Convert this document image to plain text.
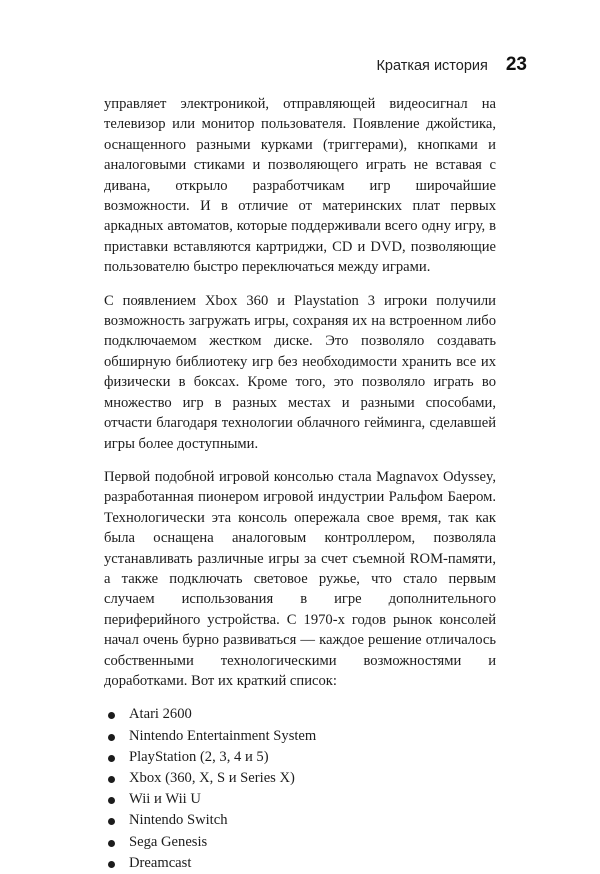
Краткая история 23

управляет электроникой, отправляющей видеосигнал на телевизор или монитор пользователя. Появление джойстика, оснащенного разными курками (триггерами), кнопками и аналоговыми стиками и позволяющего играть не вставая с дивана, открыло разработчикам игр широчайшие возможности. И в отличие от материнских плат первых аркадных автоматов, которые поддерживали всего одну игру, в приставки вставляются картриджи, CD и DVD, позволяющие пользователю быстро переключаться между играми.

С появлением Xbox 360 и Playstation 3 игроки получили возможность загружать игры, сохраняя их на встроенном либо подключаемом жестком диске. Это позволяло создавать обширную библиотеку игр без необходимости хранить все их физически в боксах. Кроме того, это позволяло играть во множество игр в разных местах и разными способами, отчасти благодаря технологии облачного гейминга, сделавшей игры более доступными.

Первой подобной игровой консолью стала Magnavox Odyssey, разработанная пионером игровой индустрии Ральфом Баером. Технологически эта консоль опережала свое время, так как была оснащена аналоговым контроллером, позволяла устанавливать различные игры за счет съемной ROM-памяти, а также подключать световое ружье, что стало первым случаем использования в игре дополнительного периферийного устройства. С 1970-х годов рынок консолей начал очень бурно развиваться — каждое решение отличалось собственными технологическими возможностями и доработками. Вот их краткий список:

Atari 2600
Nintendo Entertainment System
PlayStation (2, 3, 4 и 5)
Xbox (360, X, S и Series X)
Wii и Wii U
Nintendo Switch
Sega Genesis
Dreamcast
